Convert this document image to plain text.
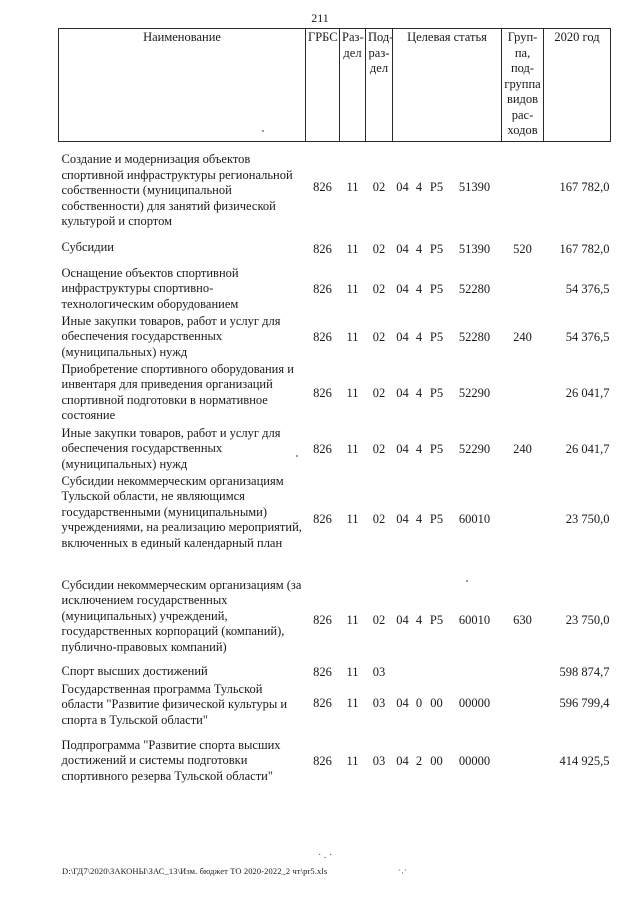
211
Наименование	ГРБС	Раз-дел	Под-раз-дел	Целевая статья				Груп-па, под-группа видов рас-ходов	2020 год
Создание и модернизация объектов спортивной инфраструктуры региональной собственности (муниципальной собственности) для занятий физической культурой и спортом	826	11	02	04	4	Р5	51390		167 782,0
Субсидии	826	11	02	04	4	Р5	51390	520	167 782,0
Оснащение объектов спортивной инфраструктуры спортивно-технологическим оборудованием	826	11	02	04	4	Р5	52280		54 376,5
Иные закупки товаров, работ и услуг для обеспечения государственных (муниципальных) нужд	826	11	02	04	4	Р5	52280	240	54 376,5
Приобретение спортивного оборудования и инвентаря для приведения организаций спортивной подготовки в нормативное состояние	826	11	02	04	4	Р5	52290		26 041,7
Иные закупки товаров, работ и услуг для обеспечения государственных (муниципальных) нужд	826	11	02	04	4	Р5	52290	240	26 041,7
Субсидии некоммерческим организациям Тульской области, не являющимся государственными (муниципальными) учреждениями, на реализацию мероприятий, включенных в единый календарный план	826	11	02	04	4	Р5	60010		23 750,0
Субсидии некоммерческим организациям (за исключением государственных (муниципальных) учреждений, государственных корпораций (компаний), публично-правовых компаний)	826	11	02	04	4	Р5	60010	630	23 750,0
Спорт высших достижений	826	11	03						598 874,7
Государственная программа Тульской области "Развитие физической культуры и спорта в Тульской области"	826	11	03	04	0	00	00000		596 799,4
Подпрограмма "Развитие спорта высших достижений и системы подготовки спортивного резерва Тульской области"	826	11	03	04	2	00	00000		414 925,5
· . ·
`·`
D:\ГД7\2020\ЗАКОНЫ\ЗАС_13\Изм. бюджет ТО 2020-2022_2 чт\pr5.xls
